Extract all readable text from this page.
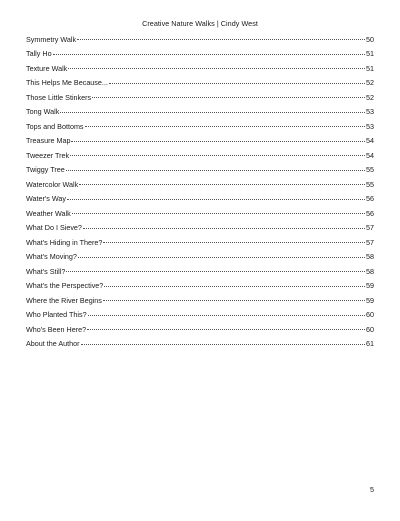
Creative Nature Walks | Cindy West
Symmetry Walk	50
Tally Ho	51
Texture Walk	51
This Helps Me Because...	52
Those Little Stinkers	52
Tong Walk	53
Tops and Bottoms	53
Treasure Map	54
Tweezer Trek	54
Twiggy Tree	55
Watercolor Walk	55
Water's Way	56
Weather Walk	56
What Do I Sieve?	57
What's Hiding in There?	57
What's Moving?	58
What's Still?	58
What's the Perspective?	59
Where the River Begins	59
Who Planted This?	60
Who's Been Here?	60
About the Author	61
5
